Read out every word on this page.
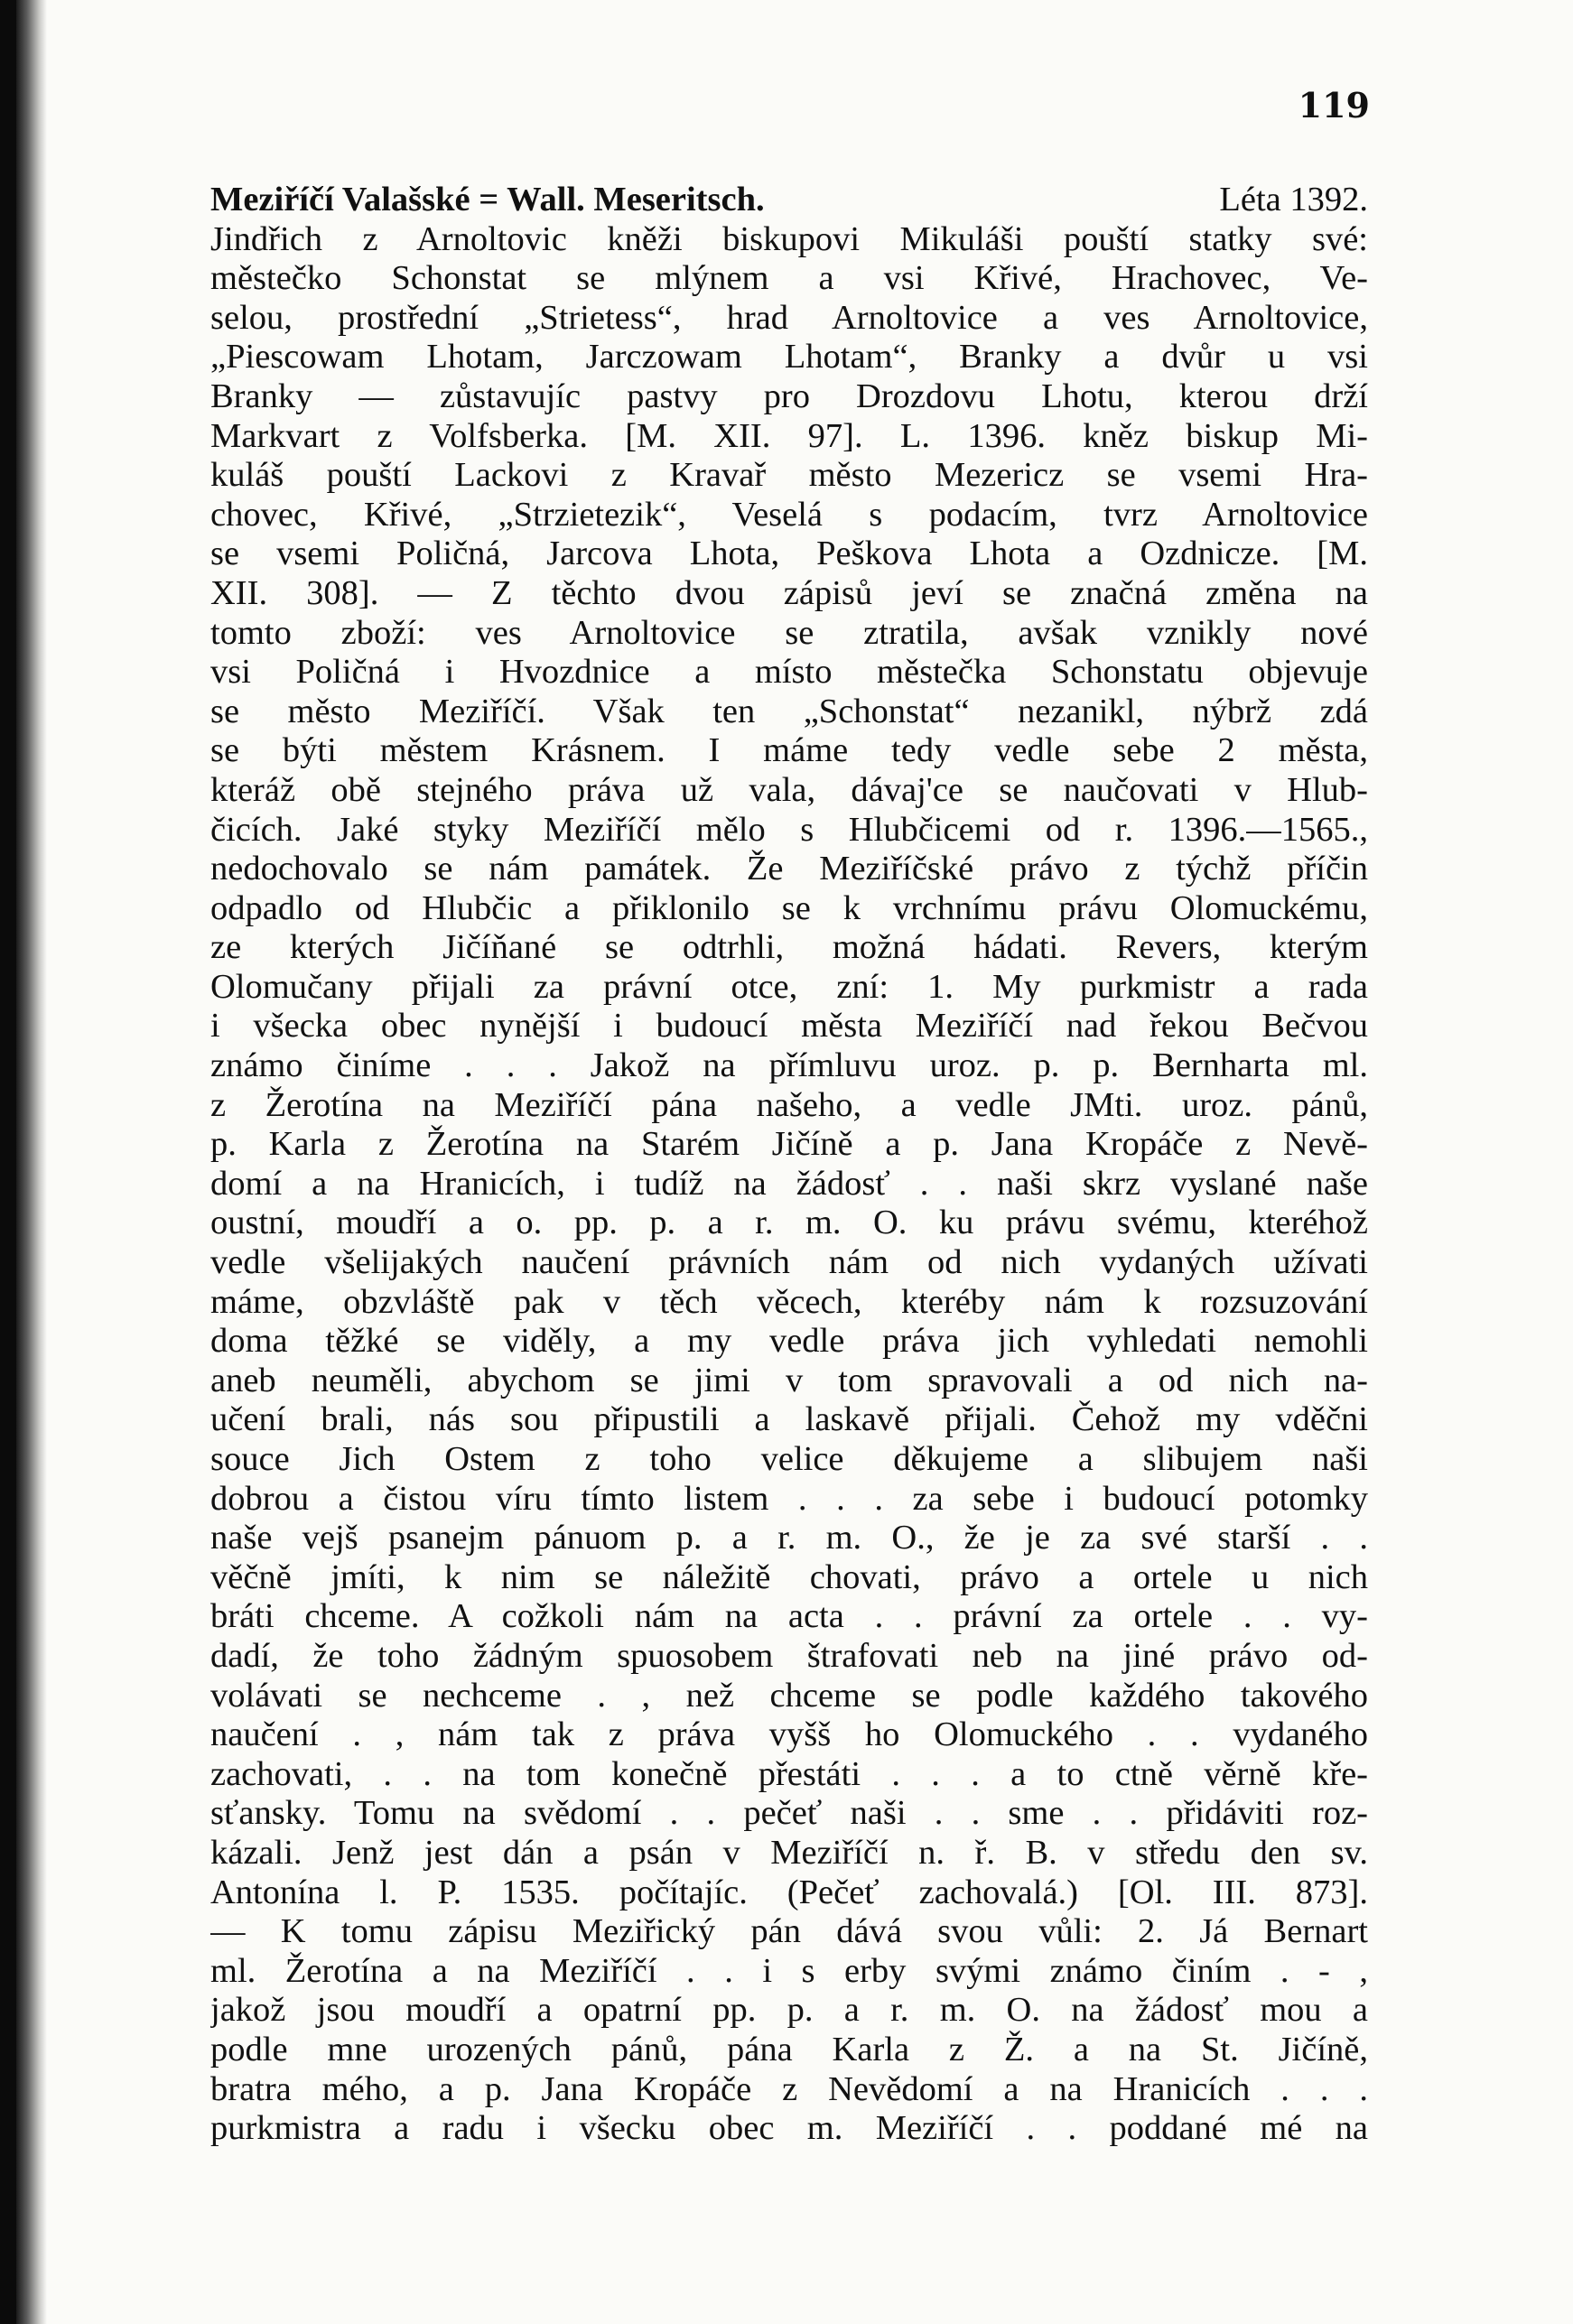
119
Meziříčí Valašské = Wall. Meseritsch.	Léta 1392.
Jindřich z Arnoltovic kněži biskupovi Mikuláši pouští statky své:
městečko Schonstat se mlýnem a vsi Křivé, Hrachovec, Ve-
selou, prostřední „Strietess“, hrad Arnoltovice a ves Arnoltovice,
„Piescowam Lhotam, Jarczowam Lhotam“, Branky a dvůr u vsi
Branky — zůstavujíc pastvy pro Drozdovu Lhotu, kterou drží
Markvart z Volfsberka. [M. XII. 97]. L. 1396. kněz biskup Mi-
kuláš pouští Lackovi z Kravař město Mezericz se vsemi Hra-
chovec, Křivé, „Strzietezik“, Veselá s podacím, tvrz Arnoltovice
se vsemi Poličná, Jarcova Lhota, Peškova Lhota a Ozdnicze. [M.
XII. 308]. — Z těchto dvou zápisů jeví se značná změna na
tomto zboží: ves Arnoltovice se ztratila, avšak vznikly nové
vsi Poličná i Hvozdnice a místo městečka Schonstatu objevuje
se město Meziříčí. Však ten „Schonstat“ nezanikl, nýbrž zdá
se býti městem Krásnem. I máme tedy vedle sebe 2 města,
kteráž obě stejného práva už vala, dávaj'ce se naučovati v Hlub-
čicích. Jaké styky Meziříčí mělo s Hlubčicemi od r. 1396.—1565.,
nedochovalo se nám památek. Že Meziříčské právo z týchž příčin
odpadlo od Hlubčic a přiklonilo se k vrchnímu právu Olomuckému,
ze kterých Jičíňané se odtrhli, možná hádati. Revers, kterým
Olomučany přijali za právní otce, zní: 1. My purkmistr a rada
i všecka obec nynější i budoucí města Meziříčí nad řekou Bečvou
známo činíme . . . Jakož na přímluvu uroz. p. p. Bernharta ml.
z Žerotína na Meziříčí pána našeho, a vedle JMti. uroz. pánů,
p. Karla z Žerotína na Starém Jičíně a p. Jana Kropáče z Nevě-
domí a na Hranicích, i tudíž na žádosť . . naši skrz vyslané naše
oustní, moudří a o. pp. p. a r. m. O. ku právu svému, kteréhož
vedle všelijakých naučení právních nám od nich vydaných užívati
máme, obzvláště pak v těch věcech, kteréby nám k rozsuzování
doma těžké se viděly, a my vedle práva jich vyhledati nemohli
aneb neuměli, abychom se jimi v tom spravovali a od nich na-
učení brali, nás sou připustili a laskavě přijali. Čehož my vděčni
souce Jich Ostem z toho velice děkujeme a slibujem naši
dobrou a čistou víru tímto listem . . . za sebe i budoucí potomky
naše vejš psanejm pánuom p. a r. m. O., že je za své starší . .
věčně jmíti, k nim se náležitě chovati, právo a ortele u nich
bráti chceme. A cožkoli nám na acta . . právní za ortele . . vy-
dadí, že toho žádným spuosobem štrafovati neb na jiné právo od-
volávati se nechceme . , než chceme se podle každého takového
naučení . , nám tak z práva vyšš ho Olomuckého . . vydaného
zachovati, . . na tom konečně přestáti . . . a to ctně věrně kře-
sťansky. Tomu na svědomí . . pečeť naši . . sme . . přidáviti roz-
kázali. Jenž jest dán a psán v Meziříčí n. ř. B. v středu den sv.
Antonína l. P. 1535. počítajíc. (Pečeť zachovalá.) [Ol. III. 873].
— K tomu zápisu Meziřický pán dává svou vůli: 2. Já Bernart
ml. Žerotína a na Meziříčí . . i s erby svými známo činím . - ,
jakož jsou moudří a opatrní pp. p. a r. m. O. na žádosť mou a
podle mne urozených pánů, pána Karla z Ž. a na St. Jičíně,
bratra mého, a p. Jana Kropáče z Nevědomí a na Hranicích . . .
purkmistra a radu i všecku obec m. Meziříčí . . poddané mé na
